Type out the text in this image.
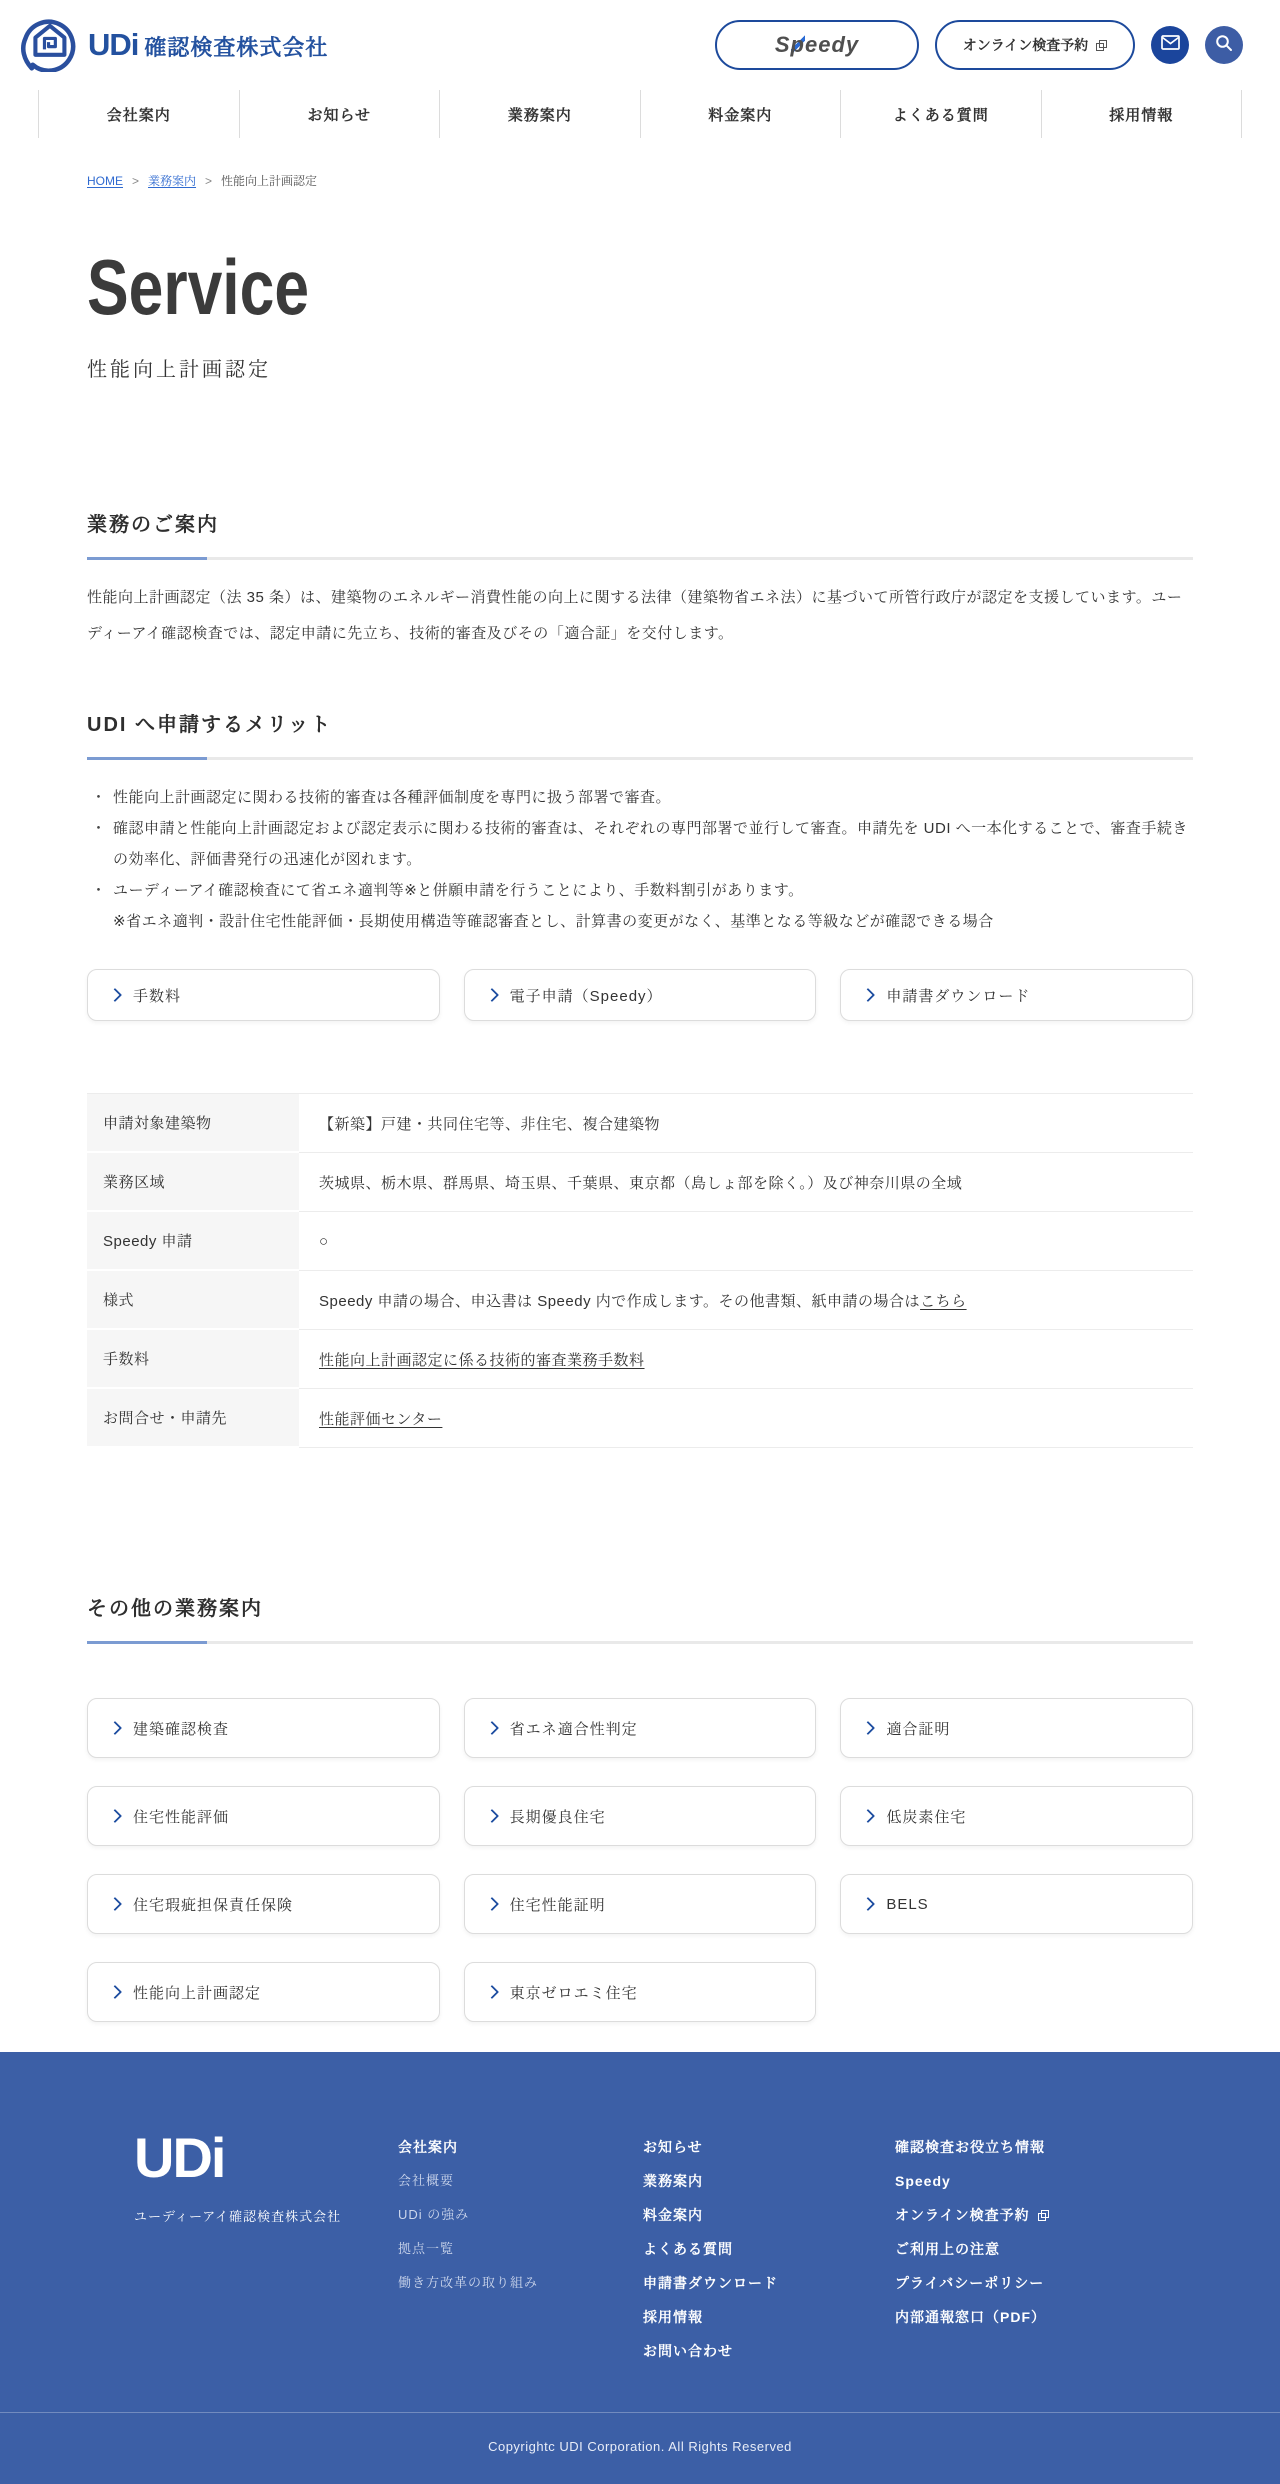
UDi 確認検査株式会社	Speedy	オンライン検査予約
会社案内	お知らせ	業務案内	料金案内	よくある質問	採用情報
HOME > 業務案内 > 性能向上計画認定
Service
性能向上計画認定
業務のご案内

性能向上計画認定（法 35 条）は、建築物のエネルギー消費性能の向上に関する法律（建築物省エネ法）に基づいて所管行政庁が認定を支援しています。ユーディーアイ確認検査では、認定申請に先立ち、技術的審査及びその「適合証」を交付します。

UDI へ申請するメリット
・ 性能向上計画認定に関わる技術的審査は各種評価制度を専門に扱う部署で審査。
・ 確認申請と性能向上計画認定および認定表示に関わる技術的審査は、それぞれの専門部署で並行して審査。申請先を UDI へ一本化することで、審査手続きの効率化、評価書発行の迅速化が図れます。
・ ユーディーアイ確認検査にて省エネ適判等※と併願申請を行うことにより、手数料割引があります。
※省エネ適判・設計住宅性能評価・長期使用構造等確認審査とし、計算書の変更がなく、基準となる等級などが確認できる場合
手数料	電子申請（Speedy）	申請書ダウンロード
申請対象建築物	【新築】戸建・共同住宅等、非住宅、複合建築物
業務区域	茨城県、栃木県、群馬県、埼玉県、千葉県、東京都（島しょ部を除く。）及び神奈川県の全域
Speedy 申請	○
様式	Speedy 申請の場合、申込書は Speedy 内で作成します。その他書類、紙申請の場合はこちら
手数料	性能向上計画認定に係る技術的審査業務手数料
お問合せ・申請先	性能評価センター
その他の業務案内
建築確認検査	省エネ適合性判定	適合証明
住宅性能評価	長期優良住宅	低炭素住宅
住宅瑕疵担保責任保険	住宅性能証明	BELS
性能向上計画認定	東京ゼロエミ住宅
UDi
ユーディーアイ確認検査株式会社
会社案内
会社概要
UDi の強み
拠点一覧
働き方改革の取り組み
お知らせ
業務案内
料金案内
よくある質問
申請書ダウンロード
採用情報
お問い合わせ
確認検査お役立ち情報
Speedy
オンライン検査予約
ご利用上の注意
プライバシーポリシー
内部通報窓口（PDF）
Copyrightc UDI Corporation. All Rights Reserved
